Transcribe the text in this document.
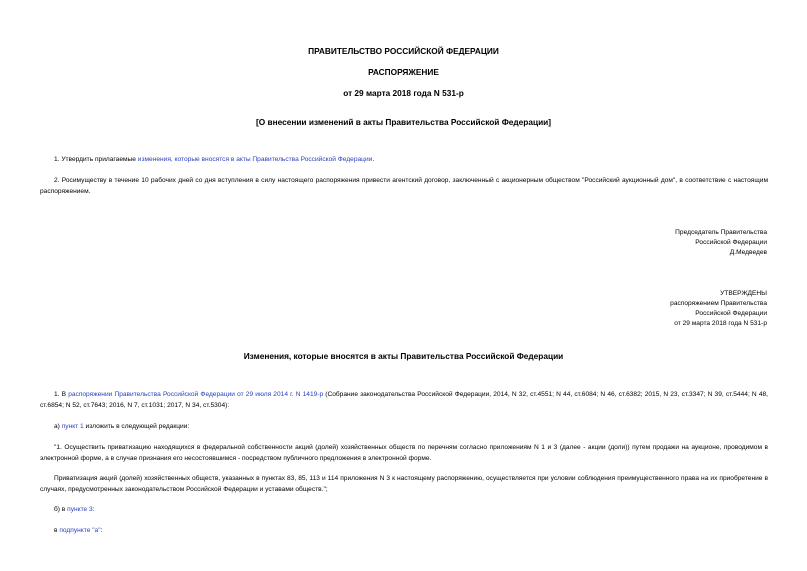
ПРАВИТЕЛЬСТВО РОССИЙСКОЙ ФЕДЕРАЦИИ
РАСПОРЯЖЕНИЕ
от 29 марта 2018 года N 531-р
[О внесении изменений в акты Правительства Российской Федерации]
1. Утвердить прилагаемые изменения, которые вносятся в акты Правительства Российской Федерации.
2. Росимуществу в течение 10 рабочих дней со дня вступления в силу настоящего распоряжения привести агентский договор, заключенный с акционерным обществом "Российский аукционный дом", в соответствие с настоящим распоряжением.
Председатель Правительства
Российской Федерации
Д.Медведев
УТВЕРЖДЕНЫ
распоряжением Правительства
Российской Федерации
от 29 марта 2018 года N 531-р
Изменения, которые вносятся в акты Правительства Российской Федерации
1. В распоряжении Правительства Российской Федерации от 29 июля 2014 г. N 1419-р (Собрание законодательства Российской Федерации, 2014, N 32, ст.4551; N 44, ст.6084; N 46, ст.6382; 2015, N 23, ст.3347; N 39, ст.5444; N 48, ст.6854; N 52, ст.7643; 2016, N 7, ст.1031; 2017, N 34, ст.5304):
а) пункт 1 изложить в следующей редакции:
"1. Осуществить приватизацию находящихся в федеральной собственности акций (долей) хозяйственных обществ по перечням согласно приложениям N 1 и 3 (далее - акции (доли)) путем продажи на аукционе, проводимом в электронной форме, а в случае признания его несостоявшимся - посредством публичного предложения в электронной форме.
Приватизация акций (долей) хозяйственных обществ, указанных в пунктах 83, 85, 113 и 114 приложения N 3 к настоящему распоряжению, осуществляется при условии соблюдения преимущественного права на их приобретение в случаях, предусмотренных законодательством Российской Федерации и уставами обществ.";
б) в пункте 3:
в подпункте "а":
